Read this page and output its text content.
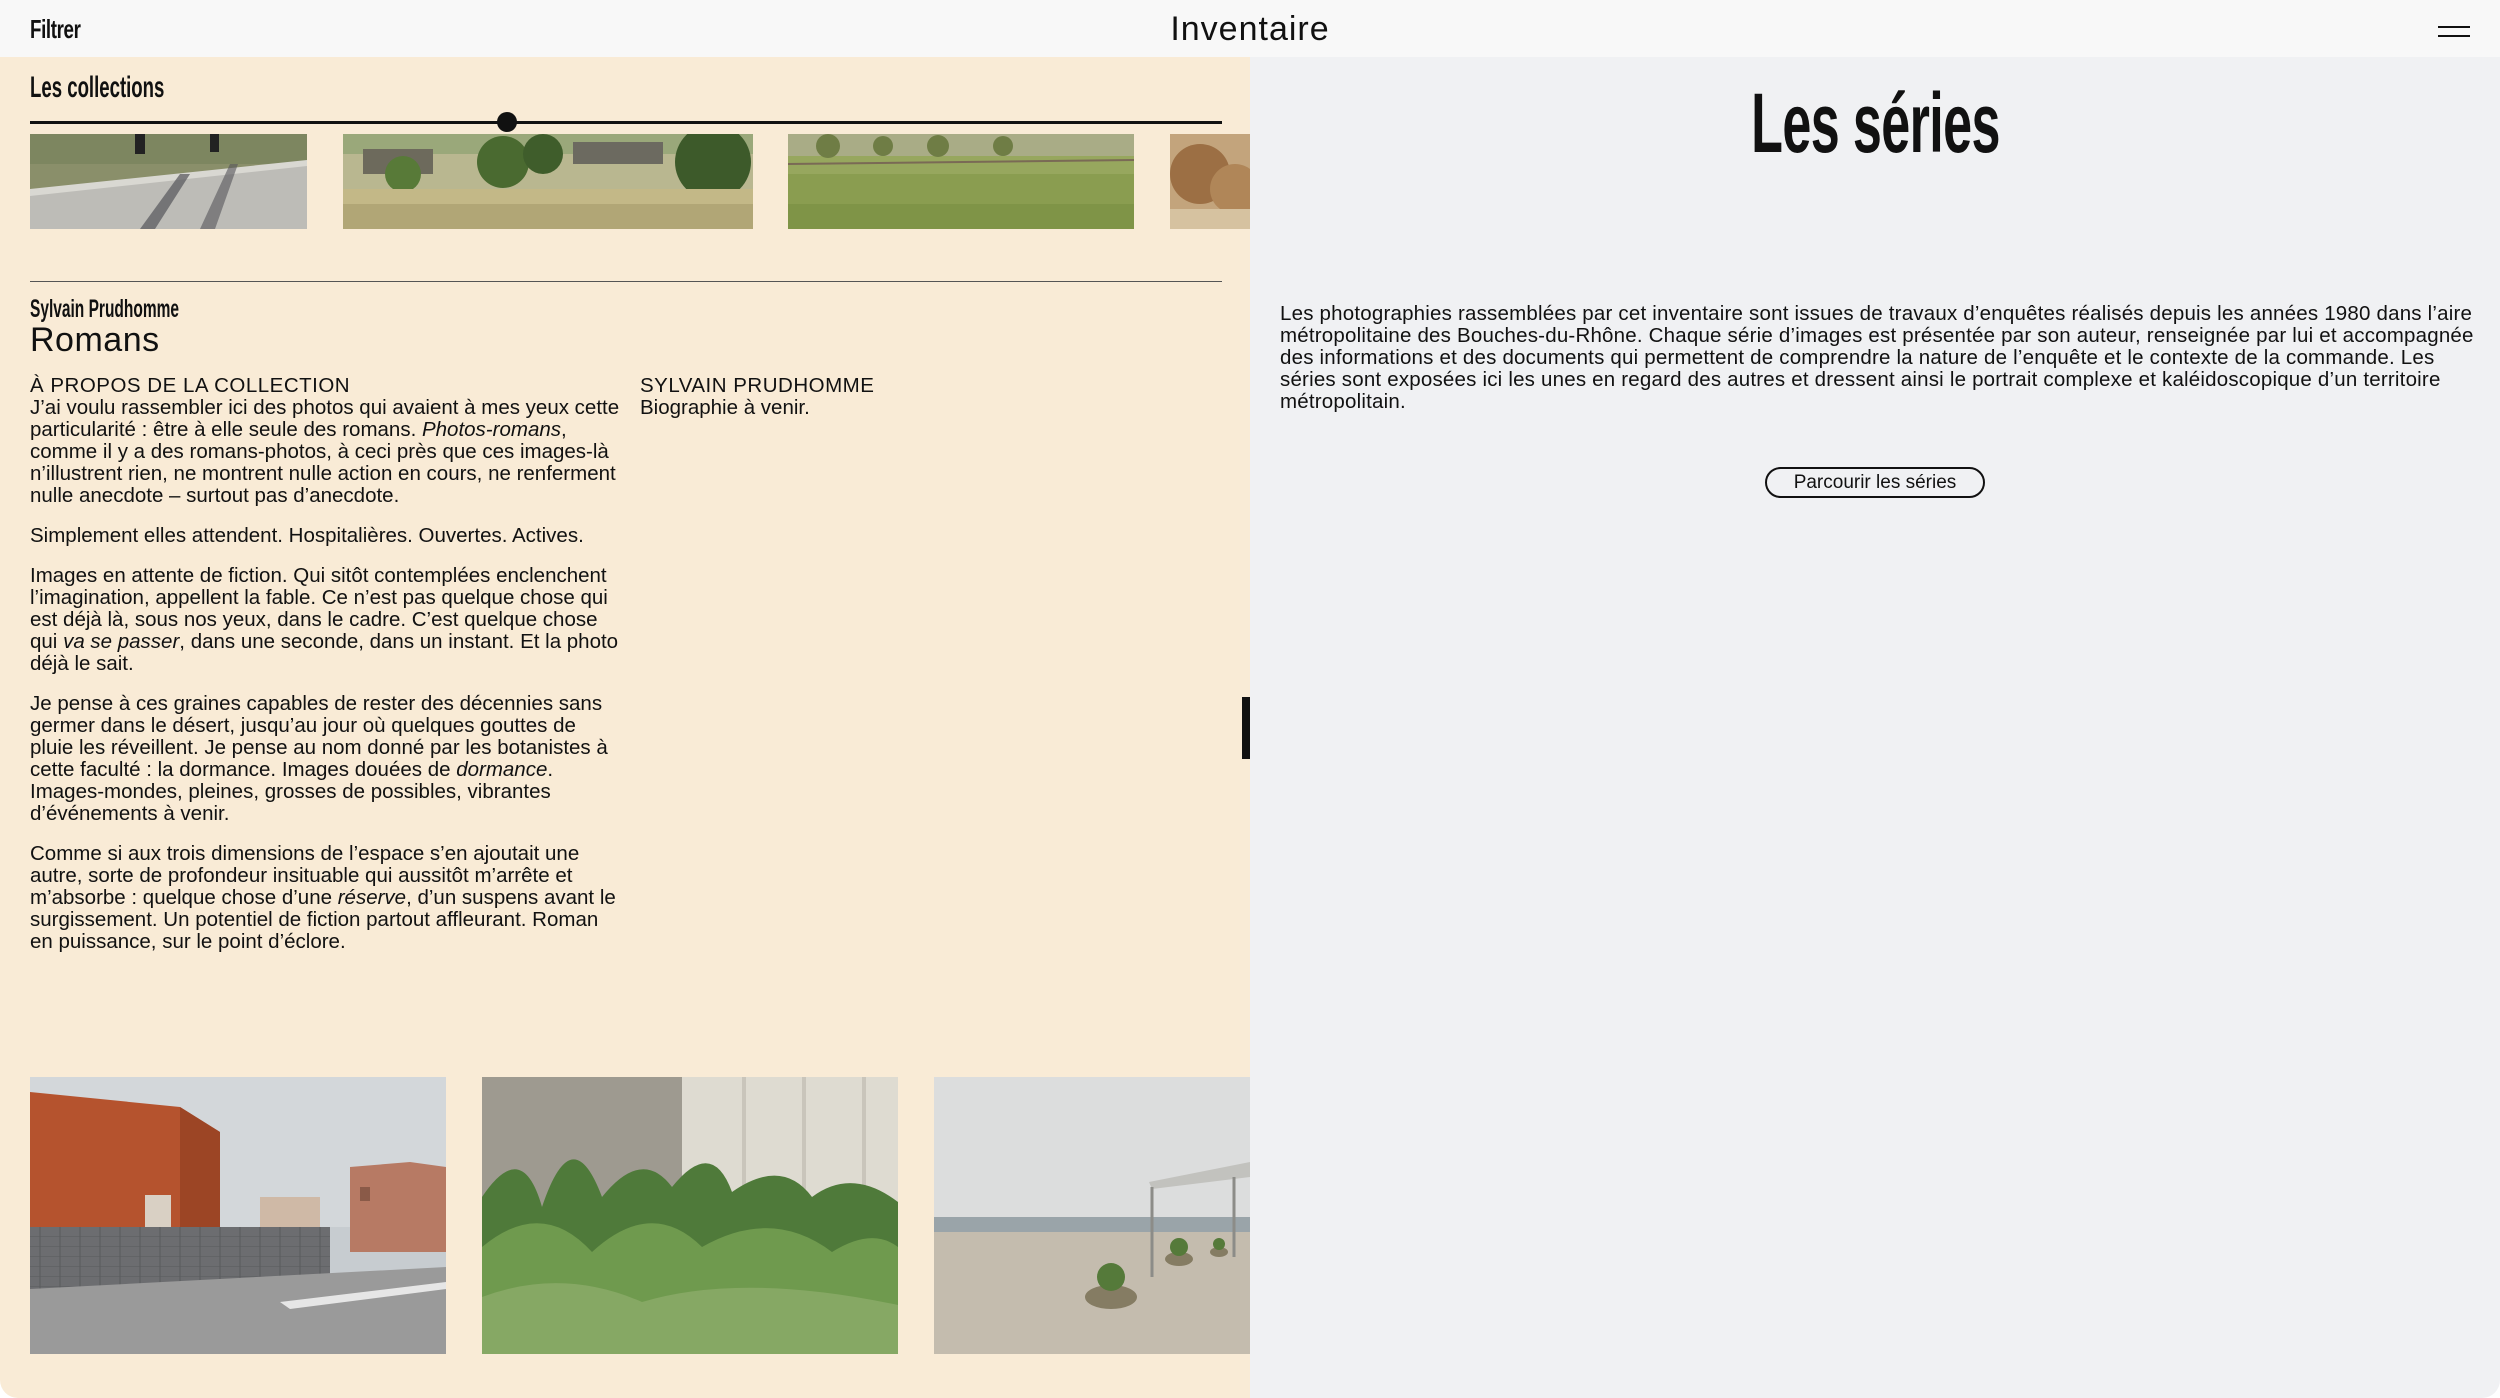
Filtrer	Inventaire
Les collections
Sylvain Prudhomme
Romans
À PROPOS DE LA COLLECTION

J’ai voulu rassembler ici des photos qui avaient à mes yeux cette particularité : être à elle seule des romans. Photos-romans, comme il y a des romans-photos, à ceci près que ces images-là n’illustrent rien, ne montrent nulle action en cours, ne renferment nulle anecdote – surtout pas d’anecdote.

Simplement elles attendent. Hospitalières. Ouvertes. Actives.

Images en attente de fiction. Qui sitôt contemplées enclenchent l’imagination, appellent la fable. Ce n’est pas quelque chose qui est déjà là, sous nos yeux, dans le cadre. C’est quelque chose qui va se passer, dans une seconde, dans un instant. Et la photo déjà le sait.

Je pense à ces graines capables de rester des décennies sans germer dans le désert, jusqu’au jour où quelques gouttes de pluie les réveillent. Je pense au nom donné par les botanistes à cette faculté : la dormance. Images douées de dormance. Images-mondes, pleines, grosses de possibles, vibrantes d’événements à venir.

Comme si aux trois dimensions de l’espace s’en ajoutait une autre, sorte de profondeur insituable qui aussitôt m’arrête et m’absorbe : quelque chose d’une réserve, d’un suspens avant le surgissement. Un potentiel de fiction partout affleurant. Roman en puissance, sur le point d’éclore.

SYLVAIN PRUDHOMME
Biographie à venir.
Les séries
Les photographies rassemblées par cet inventaire sont issues de travaux d’enquêtes réalisés depuis les années 1980 dans l’aire métropolitaine des Bouches-du-Rhône. Chaque série d’images est présentée par son auteur, renseignée par lui et accompagnée des informations et des documents qui permettent de comprendre la nature de l’enquête et le contexte de la commande. Les séries sont exposées ici les unes en regard des autres et dressent ainsi le portrait complexe et kaléidoscopique d’un territoire métropolitain.
Parcourir les séries
